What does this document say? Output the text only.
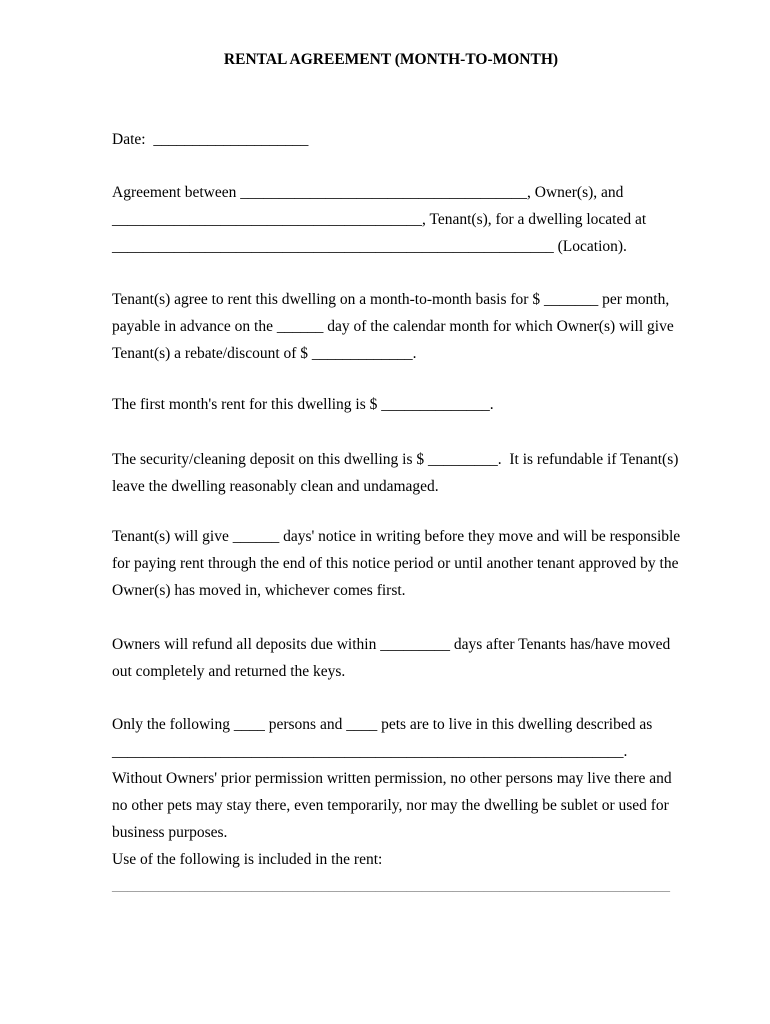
RENTAL AGREEMENT (MONTH-TO-MONTH)
Date:  ____________________
Agreement between _____________________________________, Owner(s), and
________________________________________, Tenant(s), for a dwelling located at
_________________________________________________________ (Location).
Tenant(s) agree to rent this dwelling on a month-to-month basis for $ _______ per month,
payable in advance on the ______ day of the calendar month for which Owner(s) will give
Tenant(s) a rebate/discount of $ _____________.
The first month's rent for this dwelling is $ ______________.
The security/cleaning deposit on this dwelling is $ _________.  It is refundable if Tenant(s)
leave the dwelling reasonably clean and undamaged.
Tenant(s) will give ______ days' notice in writing before they move and will be responsible
for paying rent through the end of this notice period or until another tenant approved by the
Owner(s) has moved in, whichever comes first.
Owners will refund all deposits due within _________ days after Tenants has/have moved
out completely and returned the keys.
Only the following ____ persons and ____ pets are to live in this dwelling described as
__________________________________________________________________.
Without Owners' prior permission written permission, no other persons may live there and
no other pets may stay there, even temporarily, nor may the dwelling be sublet or used for
business purposes.
Use of the following is included in the rent:
________________________________________________________________________
